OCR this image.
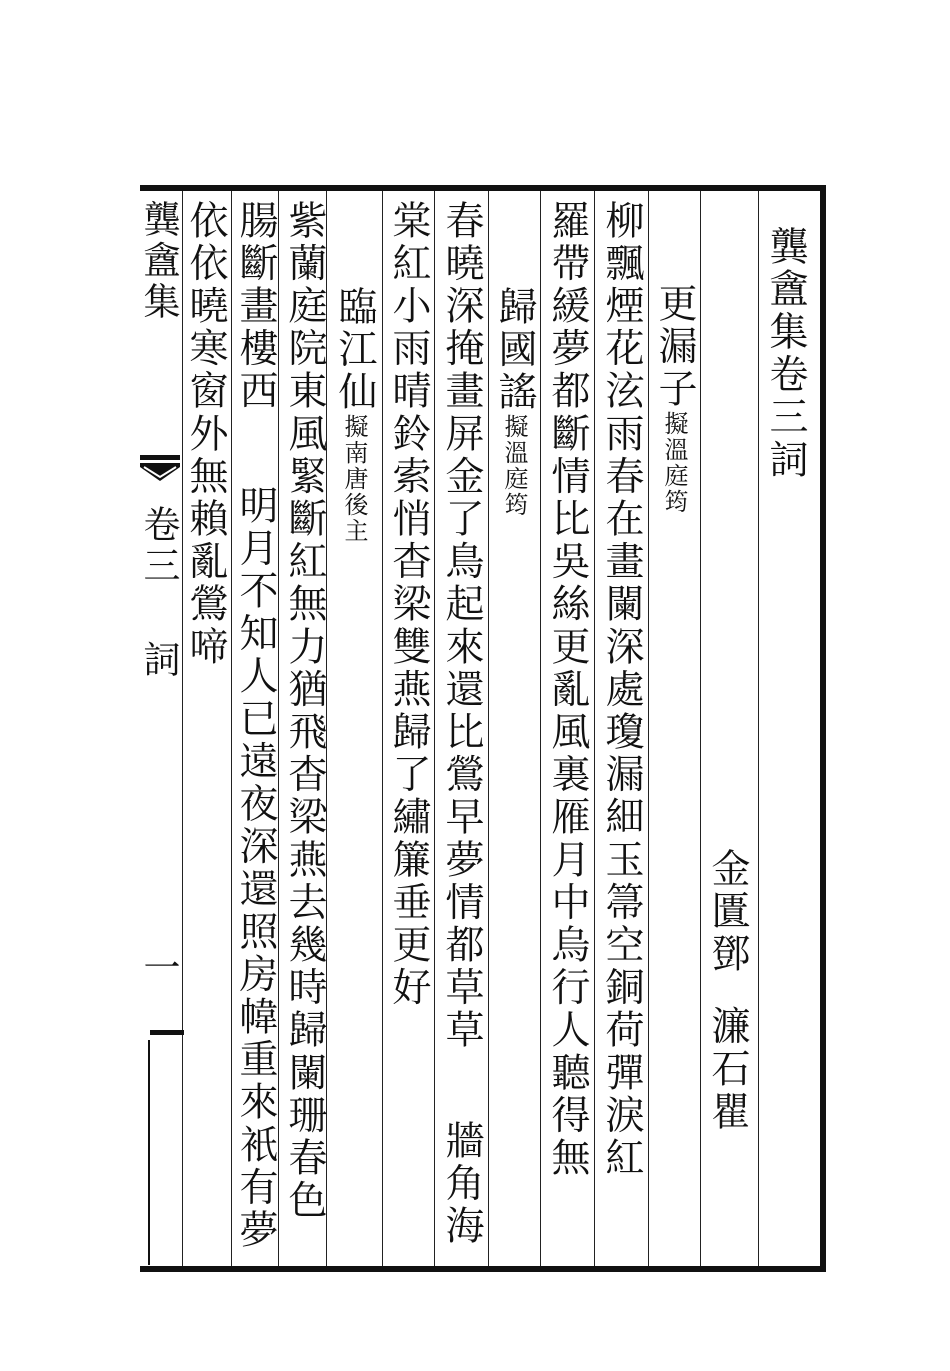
龔盦集卷三詞
金匱鄧濂石瞿
更漏子擬溫庭筠
柳飄煙花泫雨春在畫闌深處瓊漏細玉箒空銅荷彈淚紅
羅帶緩夢都斷情比吳絲更亂風裏雁月中烏行人聽得無
歸國謠擬溫庭筠
春曉深掩畫屏金了鳥起來還比鶯早夢情都草草
牆角海
棠紅小雨晴鈴索悄杳梁雙燕歸了繡簾垂更好
臨江仙擬南唐後主
紫蘭庭院東風緊斷紅無力猶飛杳梁燕去幾時歸闌珊春色
腸斷畫樓西
明月不知人已遠夜深還照房幃重來衹有夢
依依曉寒窗外無賴亂鶯啼
龔盦集
卷三
詞
一
